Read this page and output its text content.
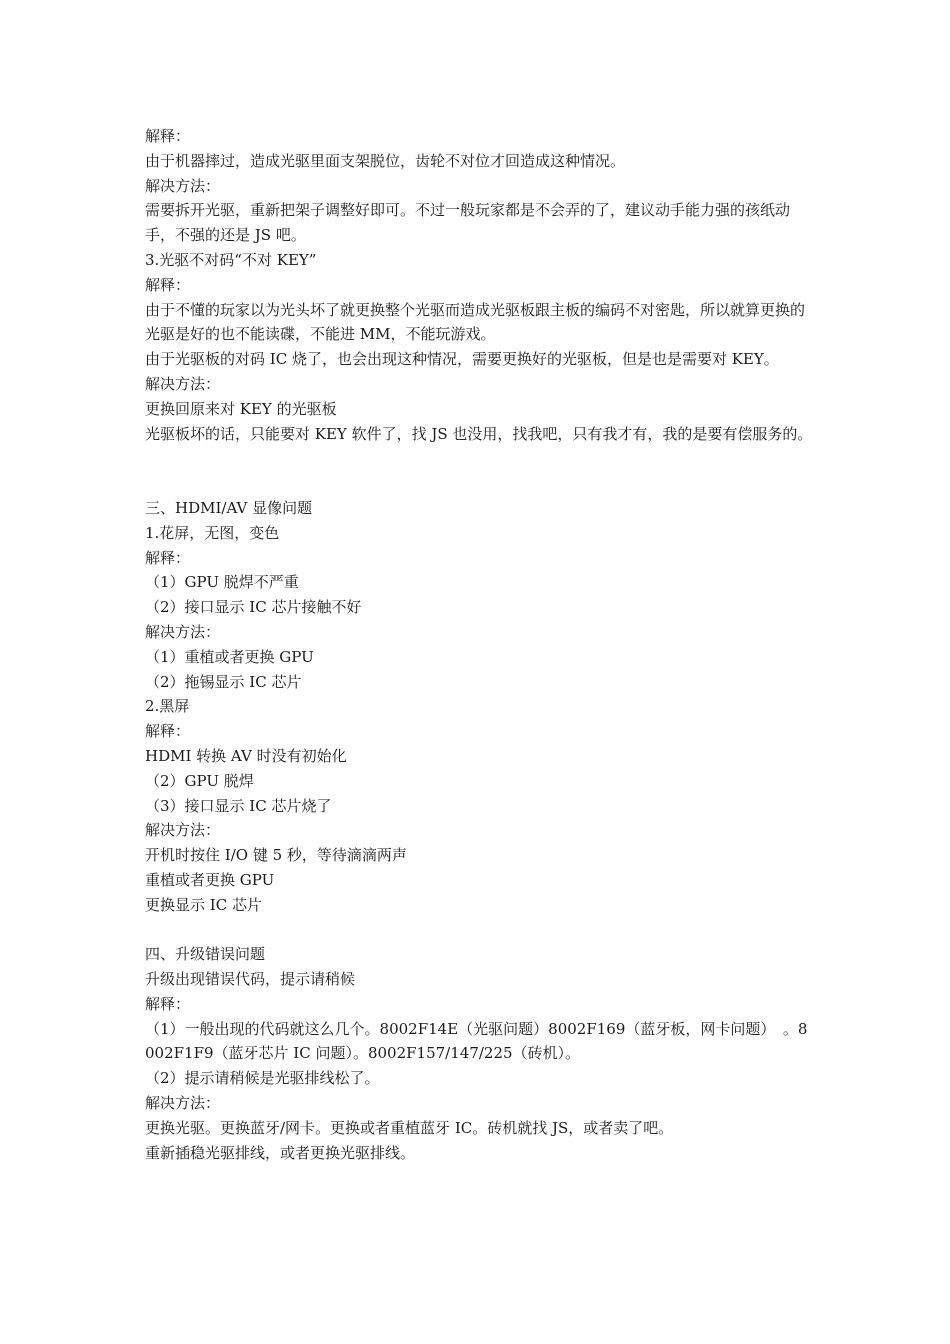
解释：

由于机器摔过，造成光驱里面支架脱位，齿轮不对位才回造成这种情况。

解决方法：

需要拆开光驱，重新把架子调整好即可。不过一般玩家都是不会弄的了，建议动手能力强的孩纸动手，不强的还是 JS 吧。

3.光驱不对码“不对 KEY”

解释：

由于不懂的玩家以为光头坏了就更换整个光驱而造成光驱板跟主板的编码不对密匙，所以就算更换的光驱是好的也不能读碟，不能进 MM，不能玩游戏。

由于光驱板的对码 IC 烧了，也会出现这种情况，需要更换好的光驱板，但是也是需要对 KEY。

解决方法：

更换回原来对 KEY 的光驱板

光驱板坏的话，只能要对 KEY 软件了，找 JS 也没用，找我吧，只有我才有，我的是要有偿服务的。

三、HDMI/AV 显像问题

1.花屏，无图，变色

解释：

（1）GPU 脱焊不严重

（2）接口显示 IC 芯片接触不好

解决方法：

（1）重植或者更换 GPU

（2）拖锡显示 IC 芯片

2.黑屏

解释：

HDMI 转换 AV 时没有初始化

（2）GPU 脱焊

（3）接口显示 IC 芯片烧了

解决方法：

开机时按住 I/O 键 5 秒，等待滴滴两声

重植或者更换 GPU

更换显示 IC 芯片

四、升级错误问题

升级出现错误代码，提示请稍候

解释：

（1）一般出现的代码就这么几个。8002F14E（光驱问题）8002F169（蓝牙板，网卡问题）　。8002F1F9（蓝牙芯片 IC 问题）。8002F157/147/225（砖机）。

（2）提示请稍候是光驱排线松了。

解决方法：

更换光驱。更换蓝牙/网卡。更换或者重植蓝牙 IC。砖机就找 JS，或者卖了吧。

重新插稳光驱排线，或者更换光驱排线。
